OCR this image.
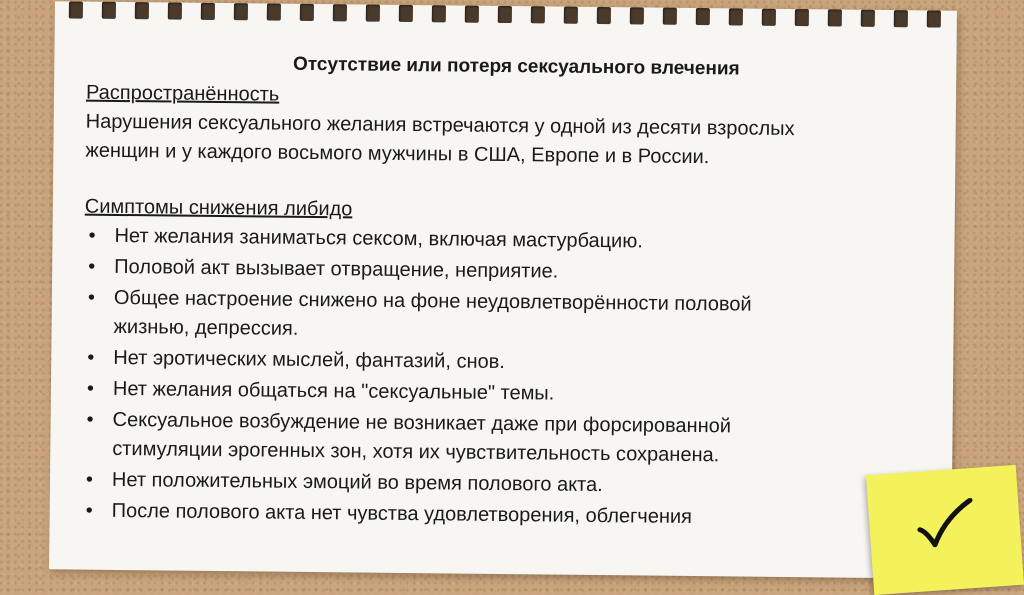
Отсутствие или потеря сексуального влечения
Распространённость
Нарушения сексуального желания встречаются у одной из десяти взрослых
женщин и у каждого восьмого мужчины в США, Европе и в России.
Симптомы снижения либидо
• Нет желания заниматься сексом, включая мастурбацию.
• Половой акт вызывает отвращение, неприятие.
• Общее настроение снижено на фоне неудовлетворённости половой
жизнью, депрессия.
• Нет эротических мыслей, фантазий, снов.
• Нет желания общаться на "сексуальные" темы.
• Сексуальное возбуждение не возникает даже при форсированной
стимуляции эрогенных зон, хотя их чувствительность сохранена.
• Нет положительных эмоций во время полового акта.
• После полового акта нет чувства удовлетворения, облегчения
